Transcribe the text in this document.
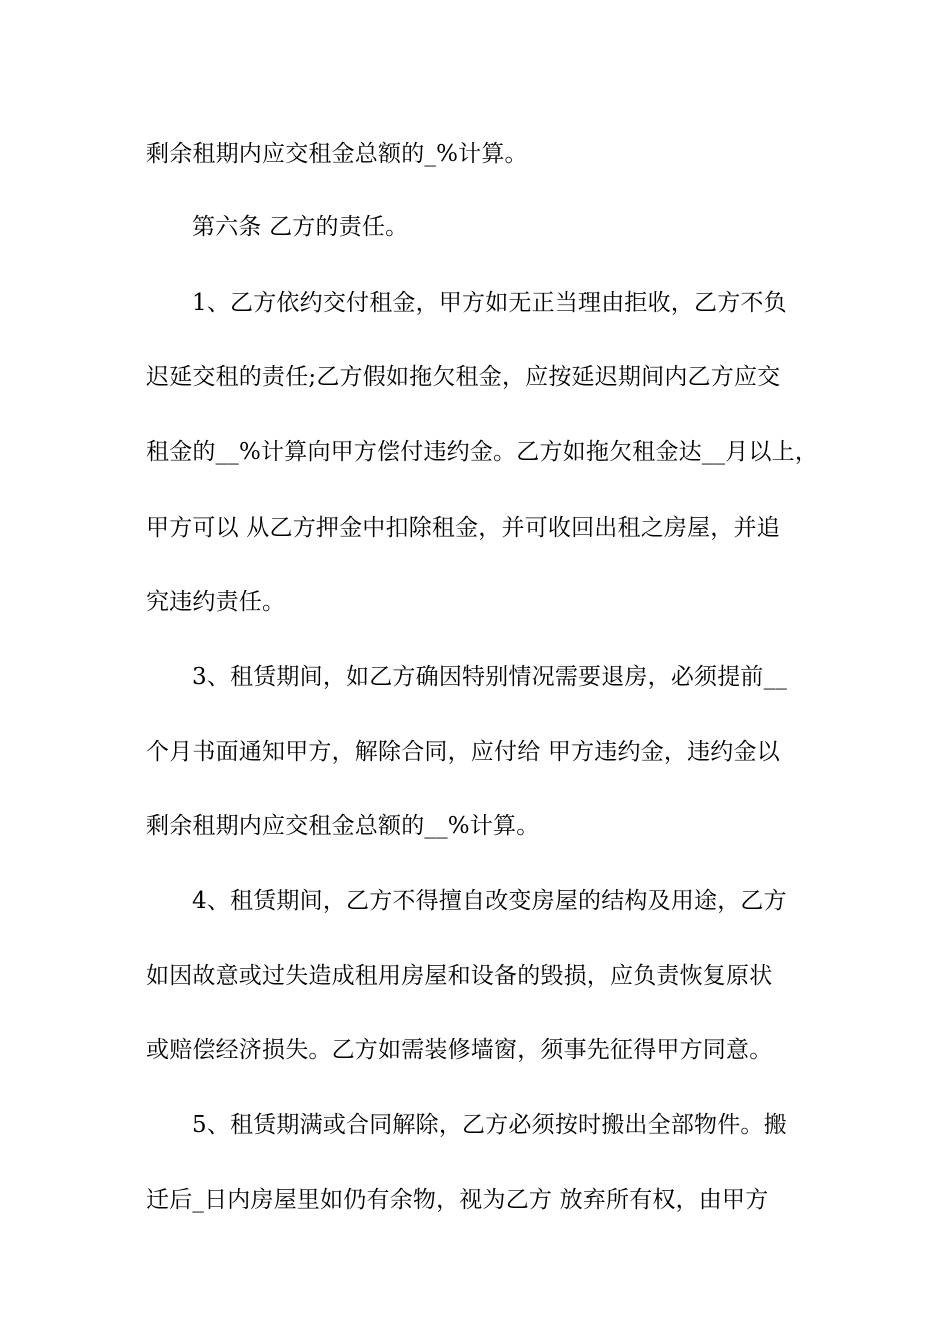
剩余租期内应交租金总额的_%计算。
第六条 乙方的责任。
1、乙方依约交付租金，甲方如无正当理由拒收，乙方不负
迟延交租的责任;乙方假如拖欠租金，应按延迟期间内乙方应交
租金的__%计算向甲方偿付违约金。乙方如拖欠租金达__月以上，
甲方可以 从乙方押金中扣除租金，并可收回出租之房屋，并追
究违约责任。
3、租赁期间，如乙方确因特别情况需要退房，必须提前__
个月书面通知甲方，解除合同，应付给 甲方违约金，违约金以
剩余租期内应交租金总额的__%计算。
4、租赁期间，乙方不得擅自改变房屋的结构及用途，乙方
如因故意或过失造成租用房屋和设备的毁损，应负责恢复原状
或赔偿经济损失。乙方如需装修墙窗，须事先征得甲方同意。
5、租赁期满或合同解除，乙方必须按时搬出全部物件。搬
迁后_日内房屋里如仍有余物，视为乙方 放弃所有权，由甲方
